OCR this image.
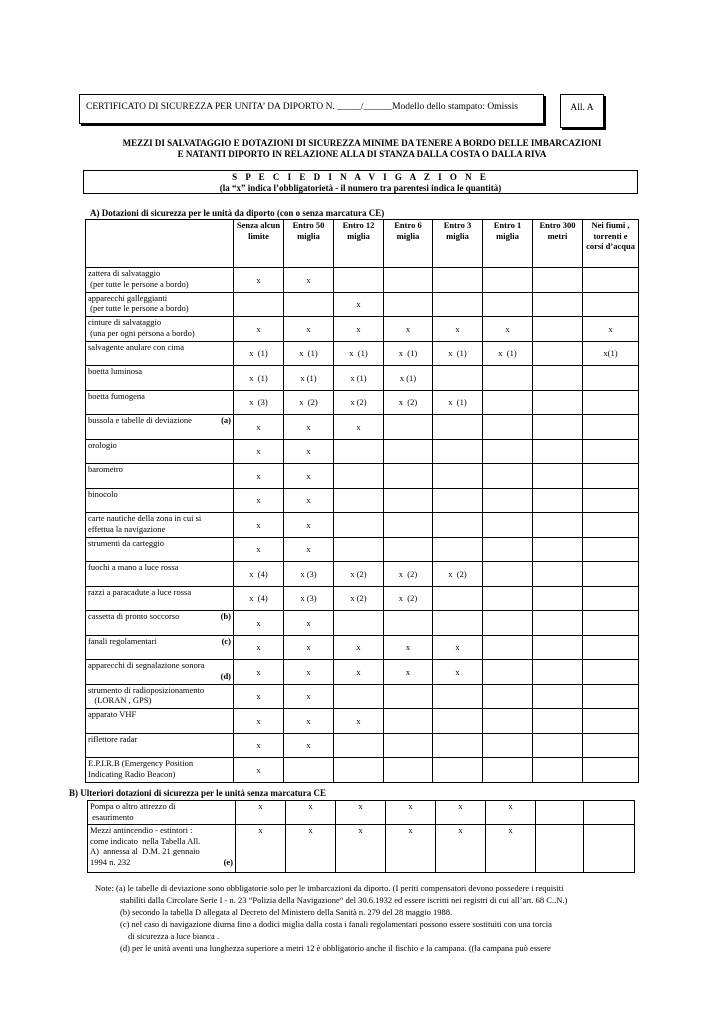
CERTIFICATO DI SICUREZZA PER UNITA’ DA DIPORTO N. _____/______Modello dello stampato: Omissis	All. A
MEZZI DI SALVATAGGIO E DOTAZIONI DI SICUREZZA MINIME DA TENERE A BORDO DELLE IMBARCAZIONI
E NATANTI DIPORTO IN RELAZIONE ALLA DI STANZA DALLA COSTA O DALLA RIVA
S P E C I E D I N A V I G A Z I O N E
(la “x” indica l’obbligatorietà - il numero tra parentesi indica le quantità)
A) Dotazioni di sicurezza per le unità da diporto (con o senza marcatura CE)
	Senza alcun limite	Entro 50 miglia	Entro 12 miglia	Entro 6 miglia	Entro 3 miglia	Entro 1 miglia	Entro 300 metri	Nei fiumi , torrenti e corsi d’acqua

zattera di salvataggio
(per tutte le persone a bordo)	x	x						

apparecchi galleggianti
(per tutte le persone a bordo)			x					

cinture di salvataggio
(una per ogni persona a bordo)	x	x	x	x	x	x		x

salvagente anulare con cima	x  (1)	x  (1)	x  (1)	x  (1)	x  (1)	x  (1)		x(1)

boetta luminosa	x  (1)	x (1)	x (1)	x (1)				

boetta fumogena	x  (3)	x  (2)	x (2)	x  (2)	x  (1)			

(a)
bussola e tabelle di deviazione	x	x	x					

orologio	x	x						

barometro	x	x						

binocolo	x	x						

carte nautiche della zona in cui si
effettua la navigazione	x	x						

strumenti da carteggio	x	x						

fuochi a mano a luce rossa	x  (4)	x (3)	x (2)	x  (2)	x  (2)			

razzi a paracadute a luce rossa	x  (4)	x (3)	x (2)	x  (2)				

(b)
cassetta di pronto soccorso	x	x						

(c)
fanali regolamentari	x	x	x	x	x			

apparecchi di segnalazione sonora
(d)	x	x	x	x	x			

strumento di radioposizionamento
(LORAN , GPS)	x	x						

apparato VHF	x	x	x					

riflettore radar	x	x						

E.P.I.R.B (Emergency Position
Indicating Radio Beacon)	x							
B) Ulteriori dotazioni di sicurezza per le unità senza marcatura CE
Pompa o altro attrezzo di
esaurimento	x	x	x	x	x	x		

Mezzi antincendio - estintori :
come indicato  nella Tabella All.
A)  annessa al  D.M. 21 gennaio
(e)
1994 n. 232	x	x	x	x	x	x		
Note: (a) le tabelle di deviazione sono obbligatorie solo per le imbarcazioni da diporto. (I periti compensatori devono possedere i requisiti
stabiliti dalla Circolare Serie I - n. 23 “Polizia della Navigazione“ del 30.6.1932 ed essere iscritti nei registri di cui all’art. 68 C..N.)
(b) secondo la tabella D allegata al Decreto del Ministero della Sanità n. 279 del 28 maggio 1988.
(c) nel caso di navigazione diurna fino a dodici miglia dalla costa i fanali regolamentari possono essere sostituiti con una torcia
di sicurezza a luce bianca .
(d) per le unità aventi una lunghezza superiore a metri 12 è obbligatorio anche il fischio e la campana. ((la campana può essere
